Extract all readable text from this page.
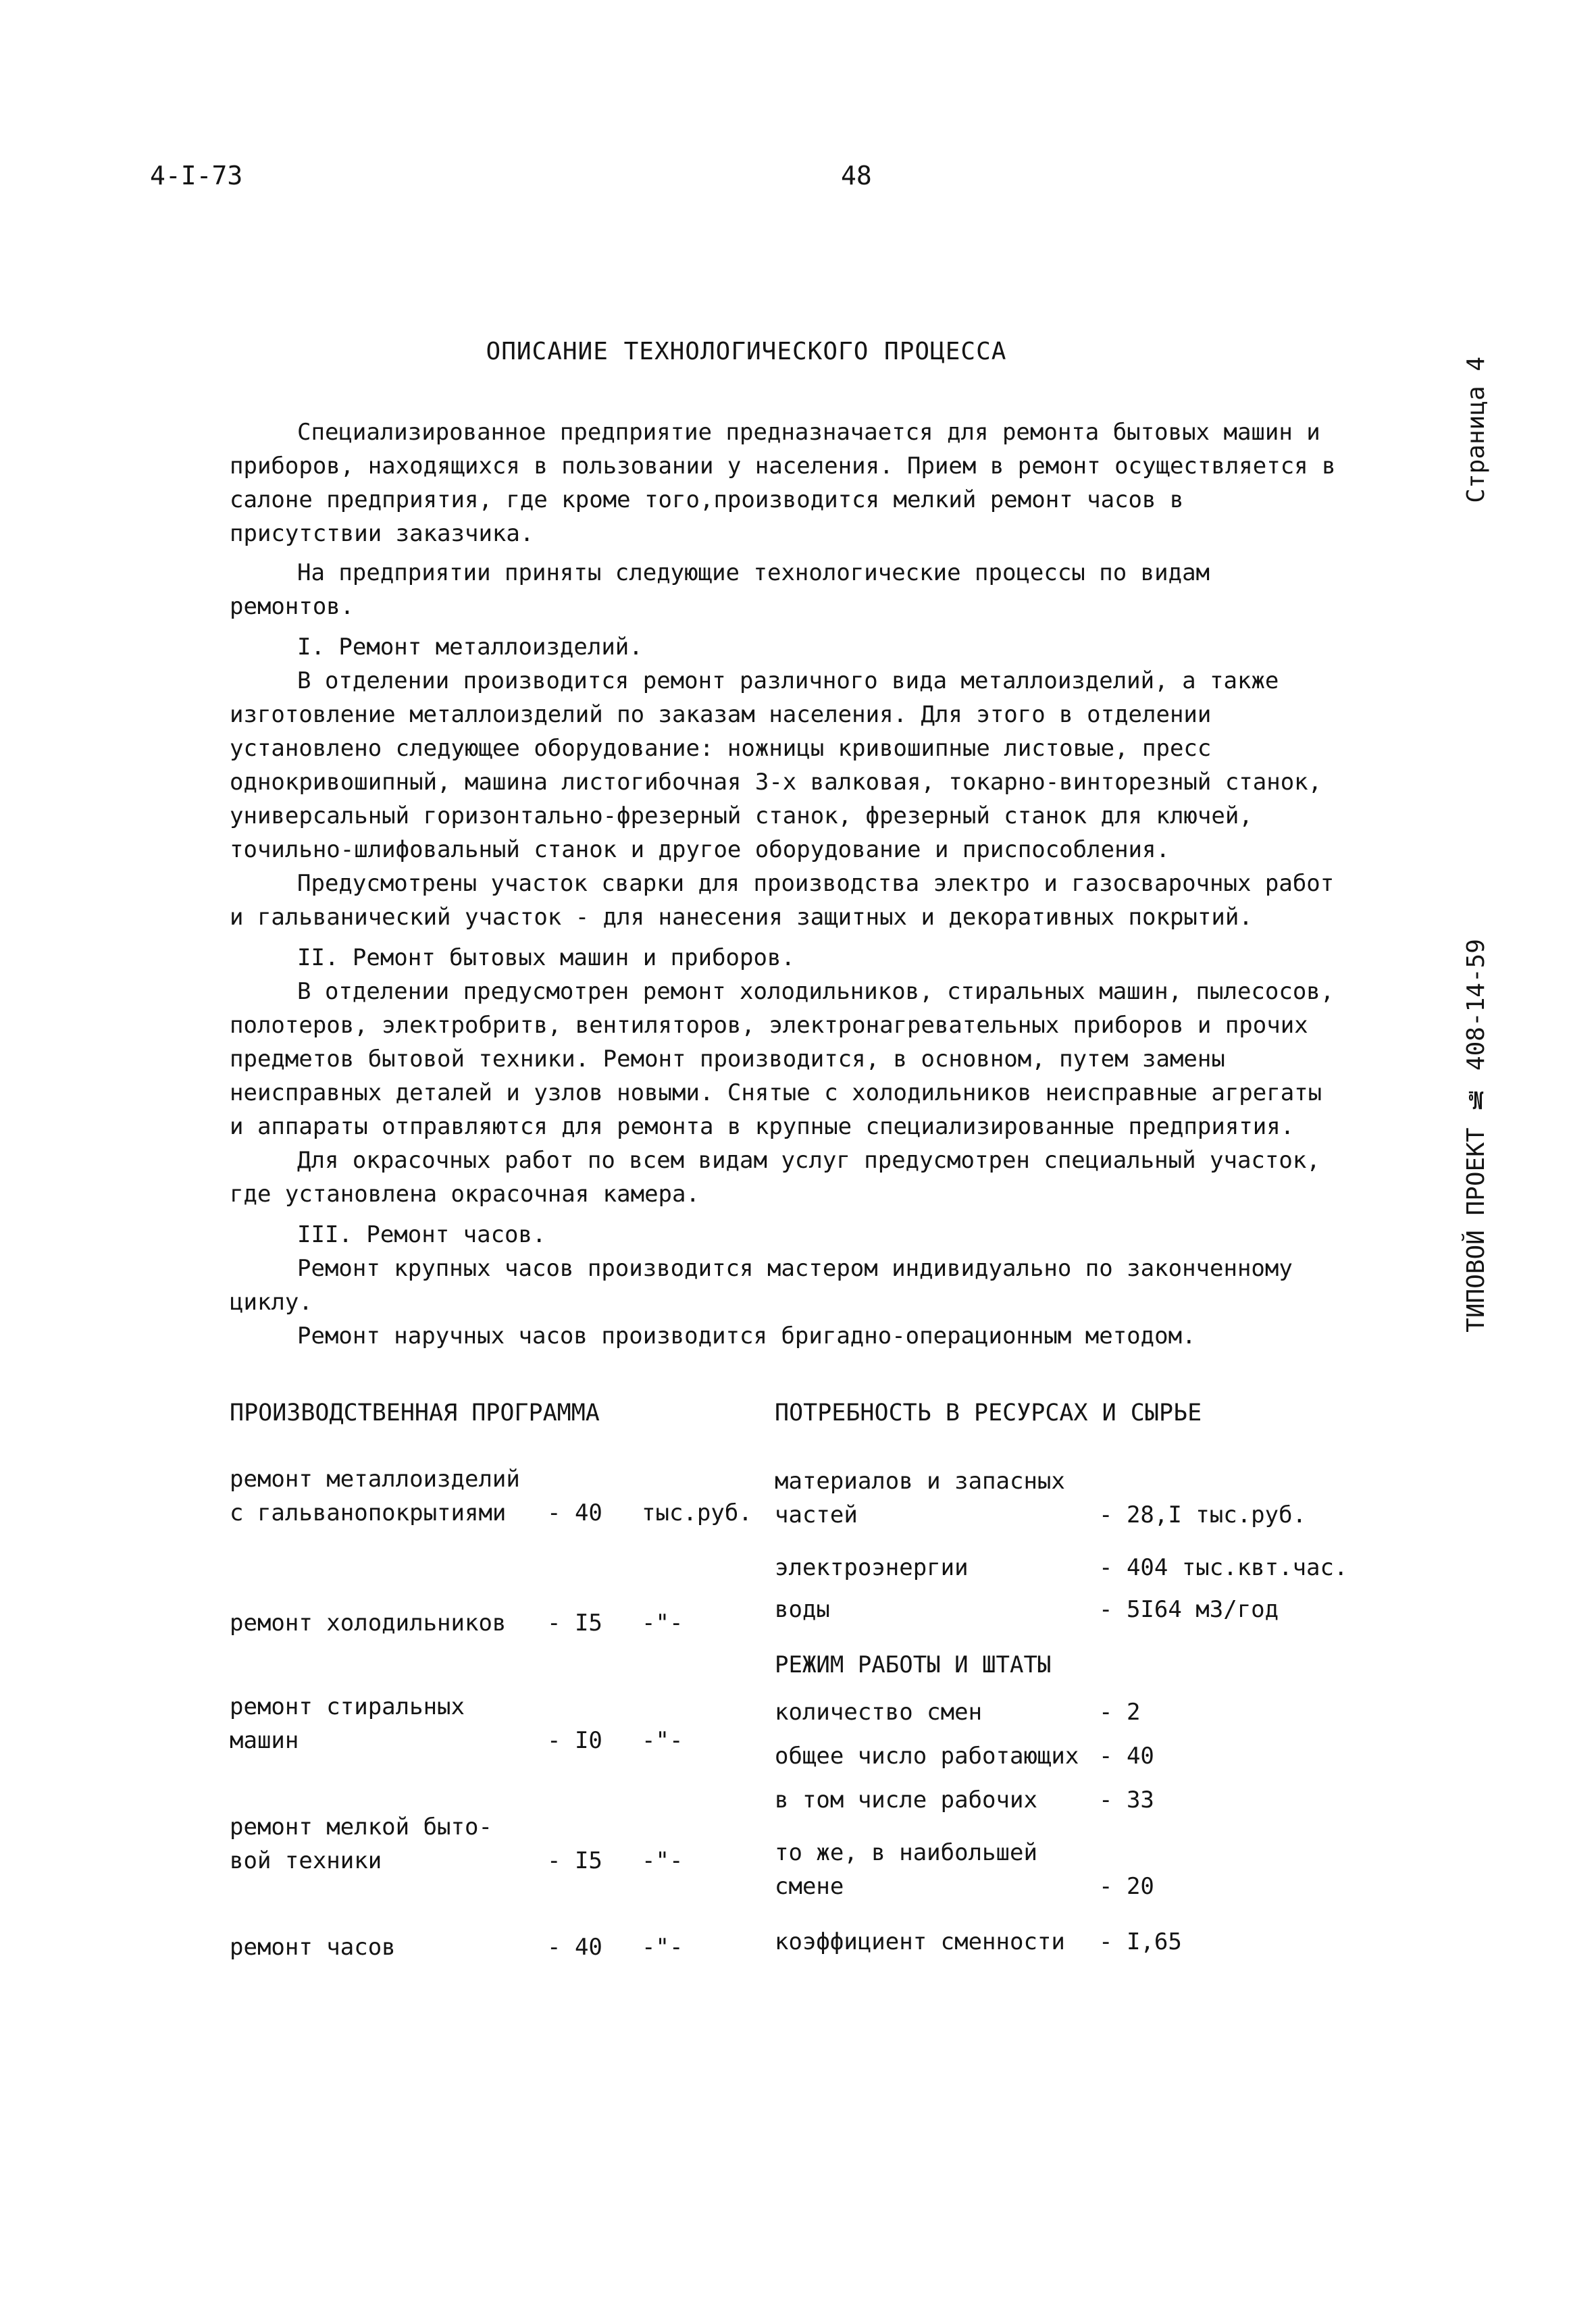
4-I-73	48
Страница 4
ТИПОВОЙ ПРОЕКТ № 408-14-59
ОПИСАНИЕ ТЕХНОЛОГИЧЕСКОГО ПРОЦЕССА

Специализированное предприятие предназначается для ремонта бытовых машин и приборов, находящихся в пользовании у населения. Прием в ремонт осуществляется в салоне предприятия, где кроме того,производится мелкий ремонт часов в присутствии заказчика.

На предприятии приняты следующие технологические процессы по видам ремонтов.

I. Ремонт металлоизделий.

В отделении производится ремонт различного вида металлоизделий, а также изготовление металлоизделий по заказам населения. Для этого в отделении установлено следующее оборудование: ножницы кривошипные листовые, пресс однокривошипный, машина листогибочная 3-х валковая, токарно-винторезный станок, универсальный горизонтально-фрезерный станок, фрезерный станок для ключей, точильно-шлифовальный станок и другое оборудование и приспособления.

Предусмотрены участок сварки для производства электро и газосварочных работ и гальванический участок - для нанесения защитных и декоративных покрытий.

II. Ремонт бытовых машин и приборов.

В отделении предусмотрен ремонт холодильников, стиральных машин, пылесосов, полотеров, электробритв, вентиляторов, электронагревательных приборов и прочих предметов бытовой техники. Ремонт производится, в основном, путем замены неисправных деталей и узлов новыми. Снятые с холодильников неисправные агрегаты и аппараты отправляются для ремонта в крупные специализированные предприятия.

Для окрасочных работ по всем видам услуг предусмотрен специальный участок, где установлена окрасочная камера.

III. Ремонт часов.

Ремонт крупных часов производится мастером индивидуально по законченному циклу.

Ремонт наручных часов производится бригадно-операционным методом.

ПРОИЗВОДСТВЕННАЯ ПРОГРАММА	ПОТРЕБНОСТЬ В РЕСУРСАХ И СЫРЬЕ
ремонт металлоизделий
с гальванопокрытиями - 40 тыс.руб.
ремонт холодильников - I5 -"-
ремонт стиральных
машин	- I0 -"-
ремонт мелкой быто-
вой техники	- I5 -"-
ремонт часов	- 40 -"-
материалов и запасных
частей	- 28,I тыс.руб.
электроэнергии	- 404 тыс.квт.час.
воды	- 5I64 м3/год
РЕЖИМ РАБОТЫ И ШТАТЫ
количество смен	- 2
общее число работающих - 40
в том числе рабочих	- 33
то же, в наибольшей
смене	- 20
коэффициент сменности - I,65
